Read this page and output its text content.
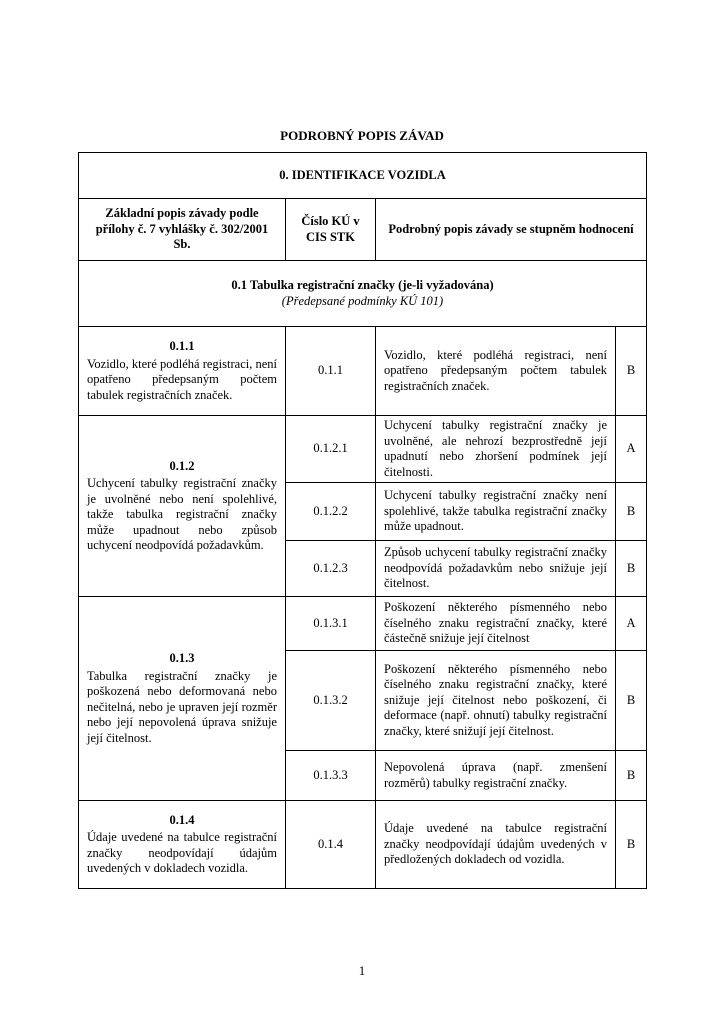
PODROBNÝ POPIS ZÁVAD
0. IDENTIFIKACE VOZIDLA			
Základní popis závady podle přílohy č. 7 vyhlášky č. 302/2001 Sb.	Číslo KÚ v CIS STK	Podrobný popis závady se stupněm hodnocení	

0.1 Tabulka registrační značky (je-li vyžadována)
(Předepsané podmínky KÚ 101)			

0.1.1
Vozidlo, které podléhá registraci, není opatřeno předepsaným počtem tabulek registračních značek.	0.1.1	Vozidlo, které podléhá registraci, není opatřeno předepsaným počtem tabulek registračních značek.	B

0.1.2
Uchycení tabulky registrační značky je uvolněné nebo není spolehlivé, takže tabulka registrační značky může upadnout nebo způsob uchycení neodpovídá požadavkům.	0.1.2.1	Uchycení tabulky registrační značky je uvolněné, ale nehrozí bezprostředně její upadnutí nebo zhoršení podmínek její čitelnosti.	A
	0.1.2.2	Uchycení tabulky registrační značky není spolehlivé, takže tabulka registrační značky může upadnout.	B
	0.1.2.3	Způsob uchycení tabulky registrační značky neodpovídá požadavkům nebo snižuje její čitelnost.	B

0.1.3
Tabulka registrační značky je poškozená nebo deformovaná nebo nečitelná, nebo je upraven její rozměr nebo její nepovolená úprava snižuje její čitelnost.	0.1.3.1	Poškození některého písmenného nebo číselného znaku registrační značky, které částečně snižuje její čitelnost	A
	0.1.3.2	Poškození některého písmenného nebo číselného znaku registrační značky, které snižuje její čitelnost nebo poškození, či deformace (např. ohnutí) tabulky registrační značky, které snižují její čitelnost.	B
	0.1.3.3	Nepovolená úprava (např. zmenšení rozměrů) tabulky registrační značky.	B

0.1.4
Údaje uvedené na tabulce registrační značky neodpovídají údajům uvedených v dokladech vozidla.	0.1.4	Údaje uvedené na tabulce registrační značky neodpovídají údajům uvedených v předložených dokladech od vozidla.	B
1
